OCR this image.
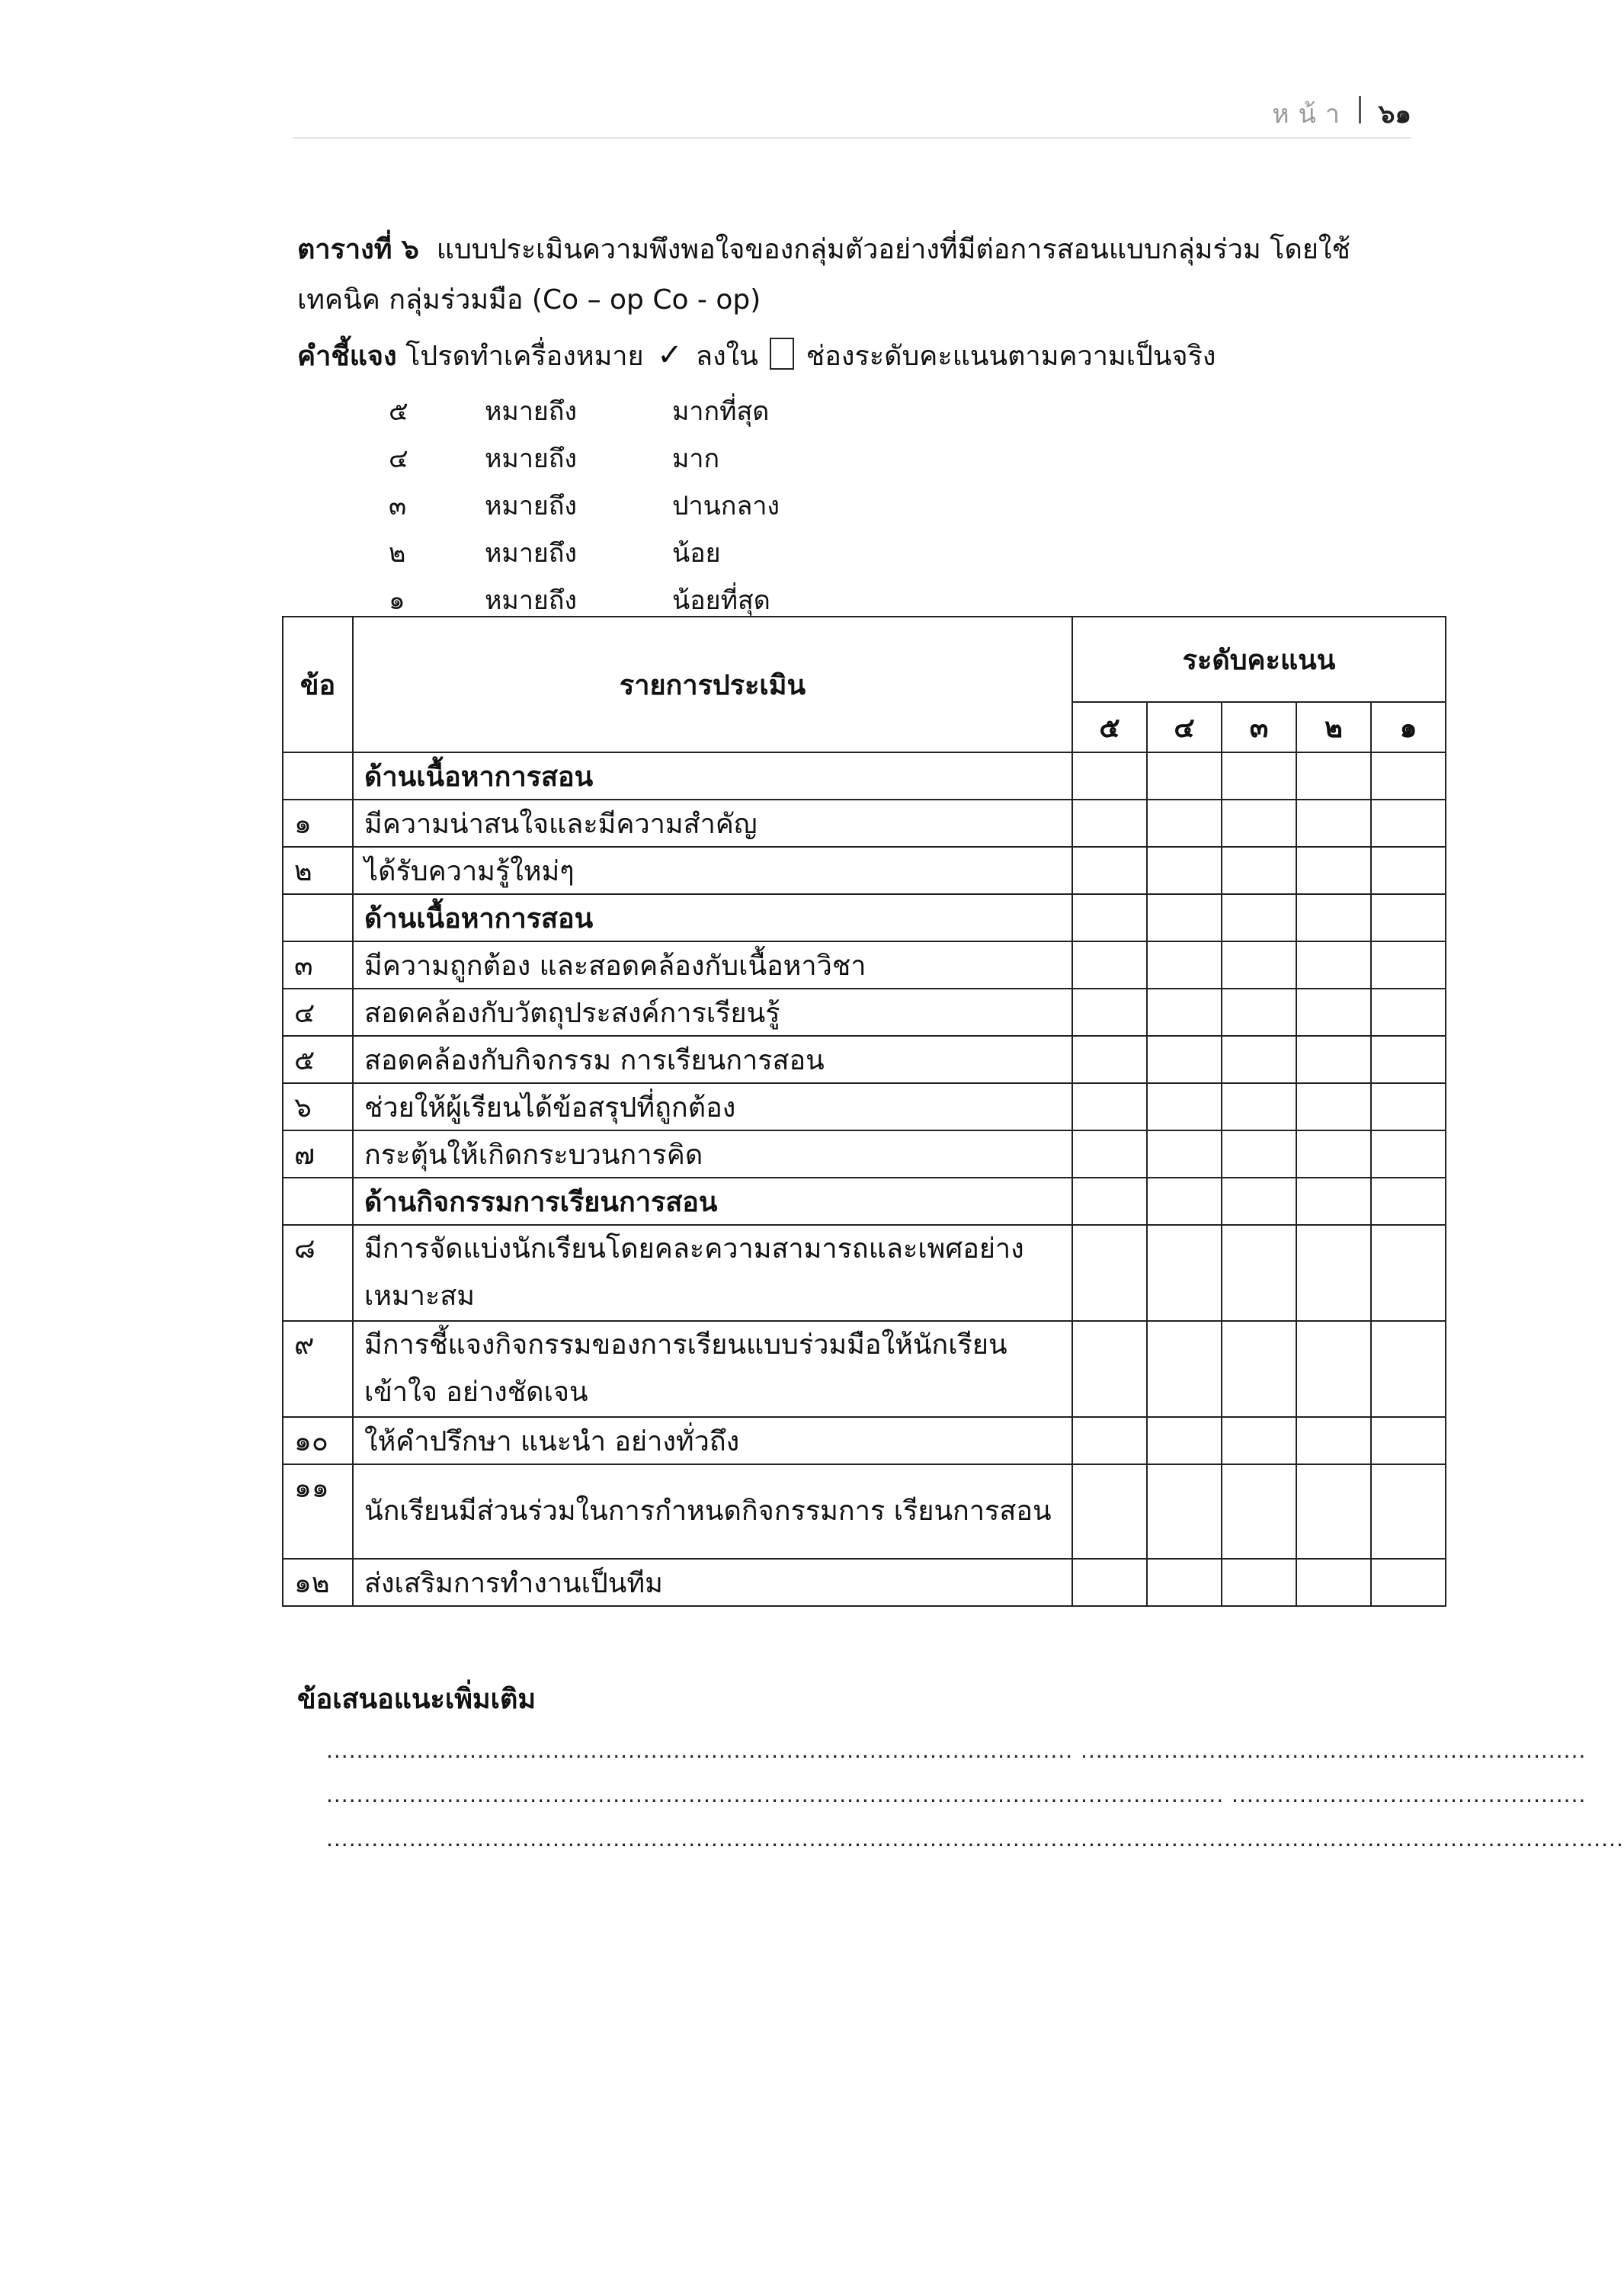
หน้า ๖๑
ตารางที่ ๖ แบบประเมินความพึงพอใจของกลุ่มตัวอย่างที่มีต่อการสอนแบบกลุ่มร่วม โดยใช้เทคนิค กลุ่มร่วมมือ (Co – op Co - op)
คำชี้แจง โปรดทำเครื่องหมาย ✓ ลงใน ช่องระดับคะแนนตามความเป็นจริง
๕	หมายถึง	มากที่สุด
๔	หมายถึง	มาก
๓	หมายถึง	ปานกลาง
๒	หมายถึง	น้อย
๑	หมายถึง	น้อยที่สุด
ข้อ	รายการประเมิน	ระดับคะแนน				
		๕	๔	๓	๒	๑
	ด้านเนื้อหาการสอน					
๑	มีความน่าสนใจและมีความสำคัญ					
๒	ได้รับความรู้ใหม่ๆ					
	ด้านเนื้อหาการสอน					
๓	มีความถูกต้อง และสอดคล้องกับเนื้อหาวิชา					
๔	สอดคล้องกับวัตถุประสงค์การเรียนรู้					
๕	สอดคล้องกับกิจกรรม การเรียนการสอน					
๖	ช่วยให้ผู้เรียนได้ข้อสรุปที่ถูกต้อง					
๗	กระตุ้นให้เกิดกระบวนการคิด					
	ด้านกิจกรรมการเรียนการสอน					
๘	มีการจัดแบ่งนักเรียนโดยคละความสามารถและเพศอย่าง เหมาะสม					
๙	มีการชี้แจงกิจกรรมของการเรียนแบบร่วมมือให้นักเรียนเข้าใจ อย่างชัดเจน					
๑๐	ให้คำปรึกษา แนะนำ อย่างทั่วถึง					
๑๑	นักเรียนมีส่วนร่วมในการกำหนดกิจกรรมการ เรียนการสอน					
๑๒	ส่งเสริมการทำงานเป็นทีม					
ข้อเสนอแนะเพิ่มเติม
................................................................................................... ...................................................................
....................................................................................................................... ...............................................
............................................................................................................................................................................
